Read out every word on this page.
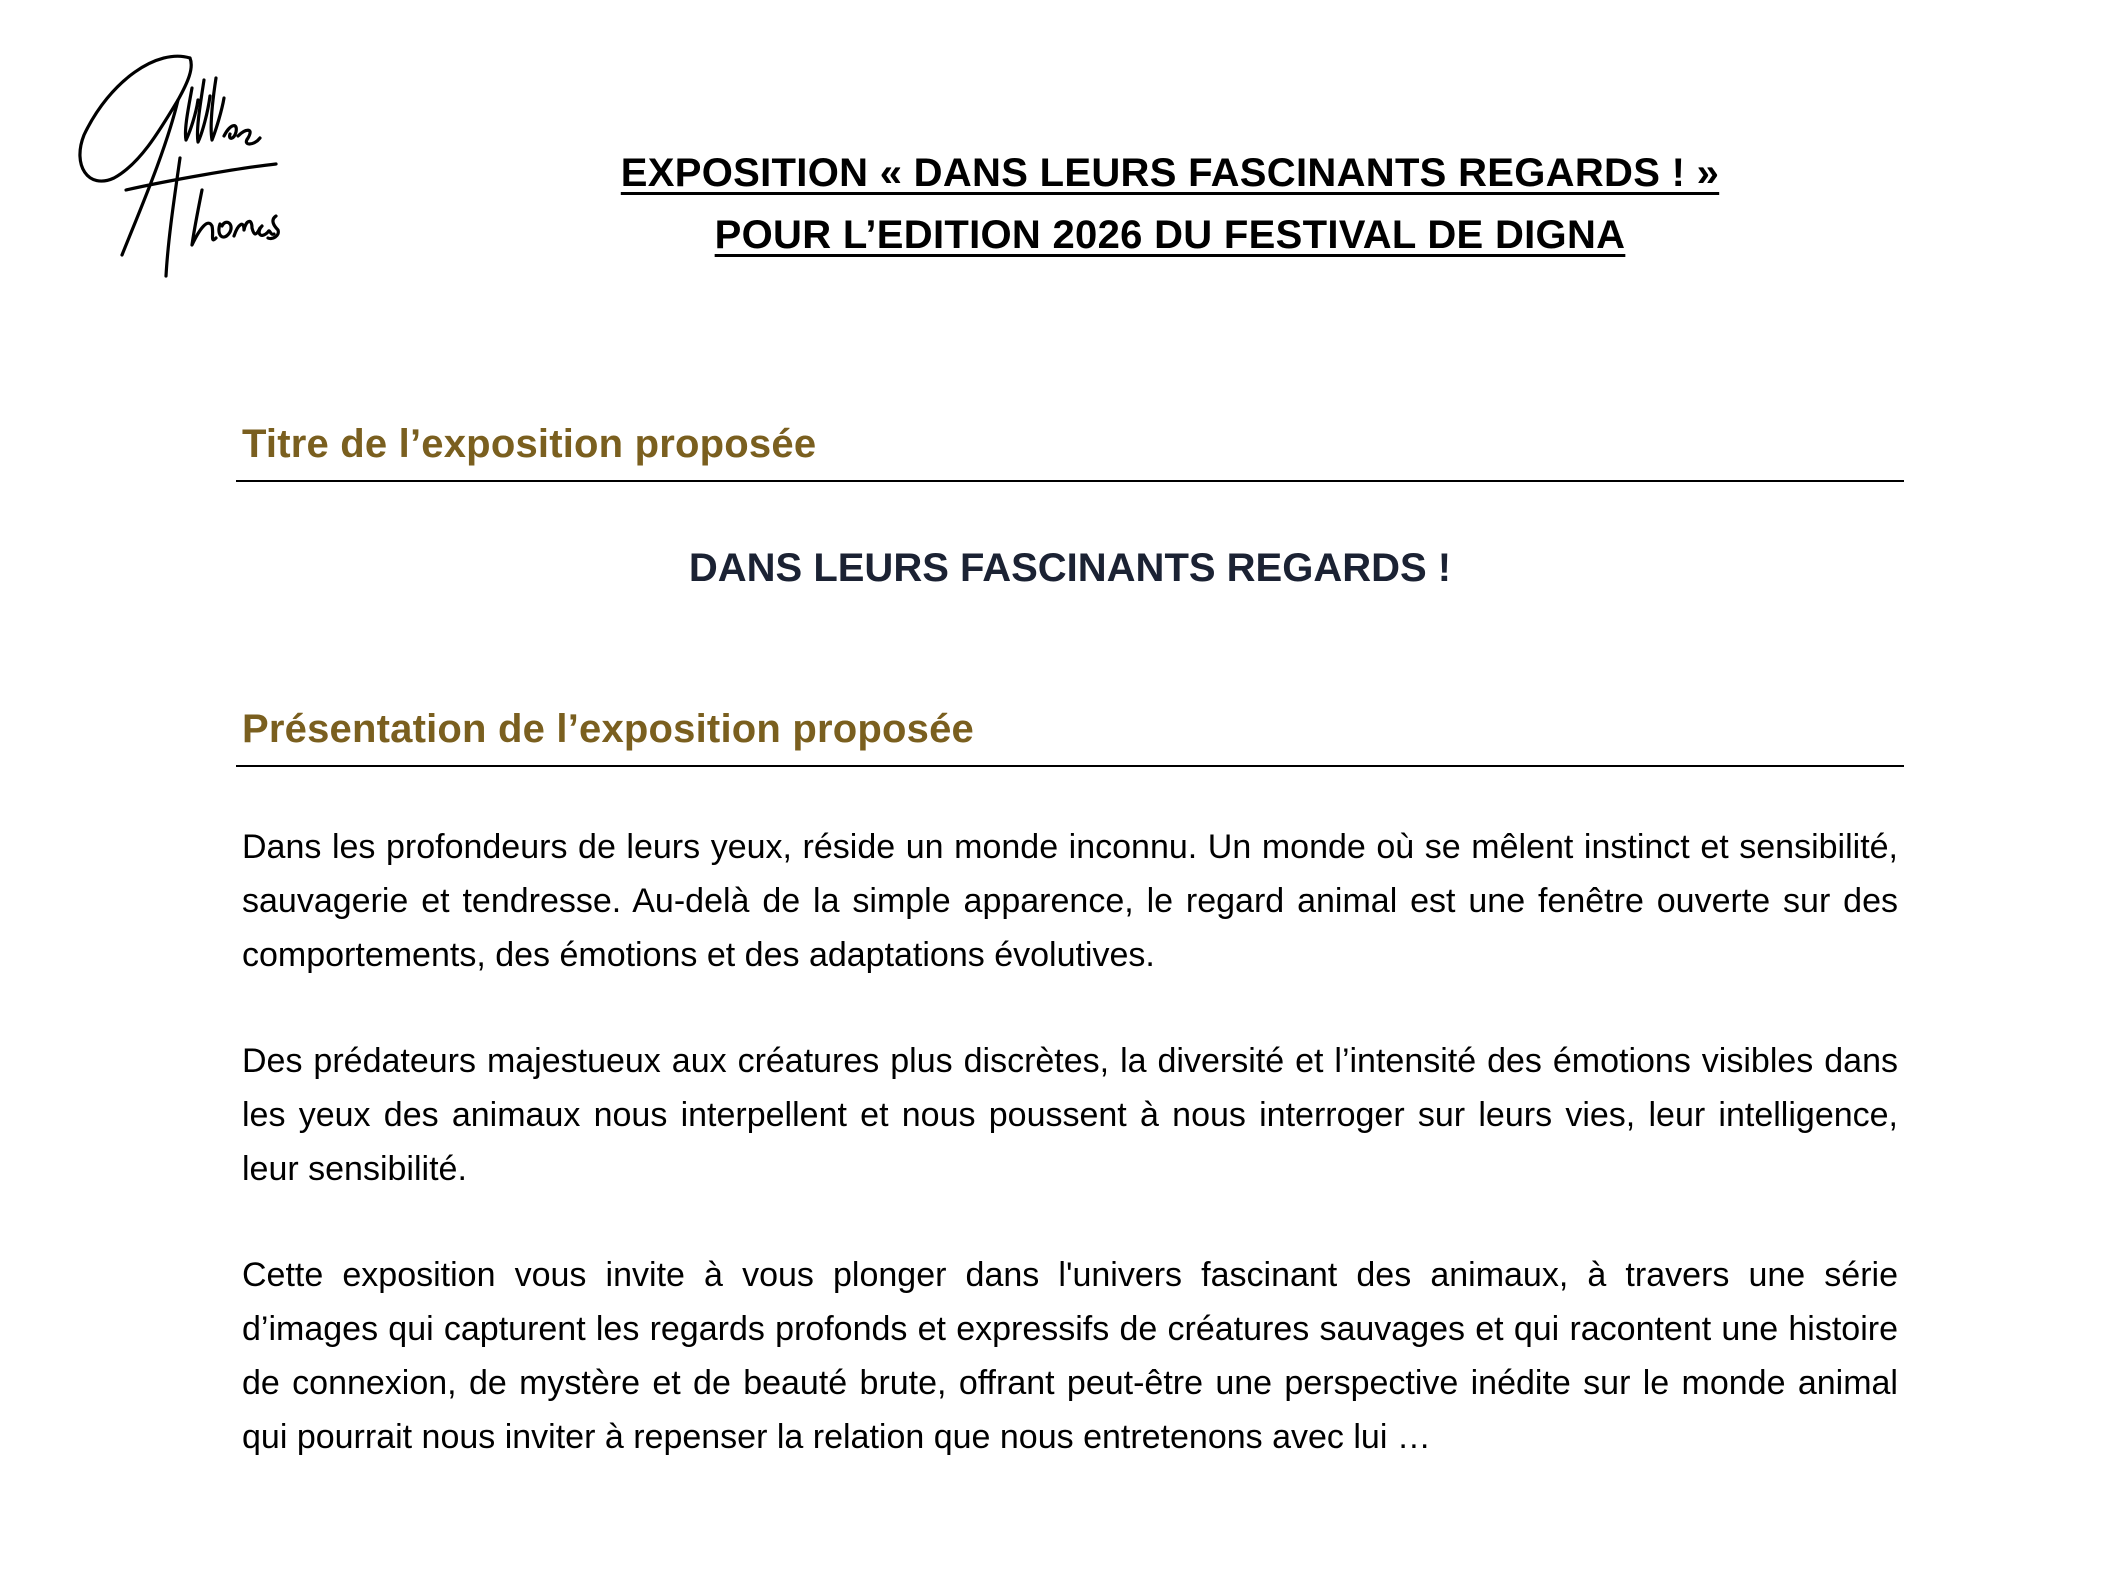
EXPOSITION « DANS LEURS FASCINANTS REGARDS ! »
POUR L’EDITION 2026 DU FESTIVAL DE DIGNA
Titre de l’exposition proposée
DANS LEURS FASCINANTS REGARDS !
Présentation de l’exposition proposée

Dans les profondeurs de leurs yeux, réside un monde inconnu. Un monde où se mêlent instinct et sensibilité, sauvagerie et tendresse. Au-delà de la simple apparence, le regard animal est une fenêtre ouverte sur des comportements, des émotions et des adaptations évolutives.

Des prédateurs majestueux aux créatures plus discrètes, la diversité et l’intensité des émotions visibles dans les yeux des animaux nous interpellent et nous poussent à nous interroger sur leurs vies, leur intelligence, leur sensibilité.

Cette exposition vous invite à vous plonger dans l'univers fascinant des animaux, à travers une série d’images qui capturent les regards profonds et expressifs de créatures sauvages et qui racontent une histoire de connexion, de mystère et de beauté brute, offrant peut-être une perspective inédite sur le monde animal qui pourrait nous inviter à repenser la relation que nous entretenons avec lui …
